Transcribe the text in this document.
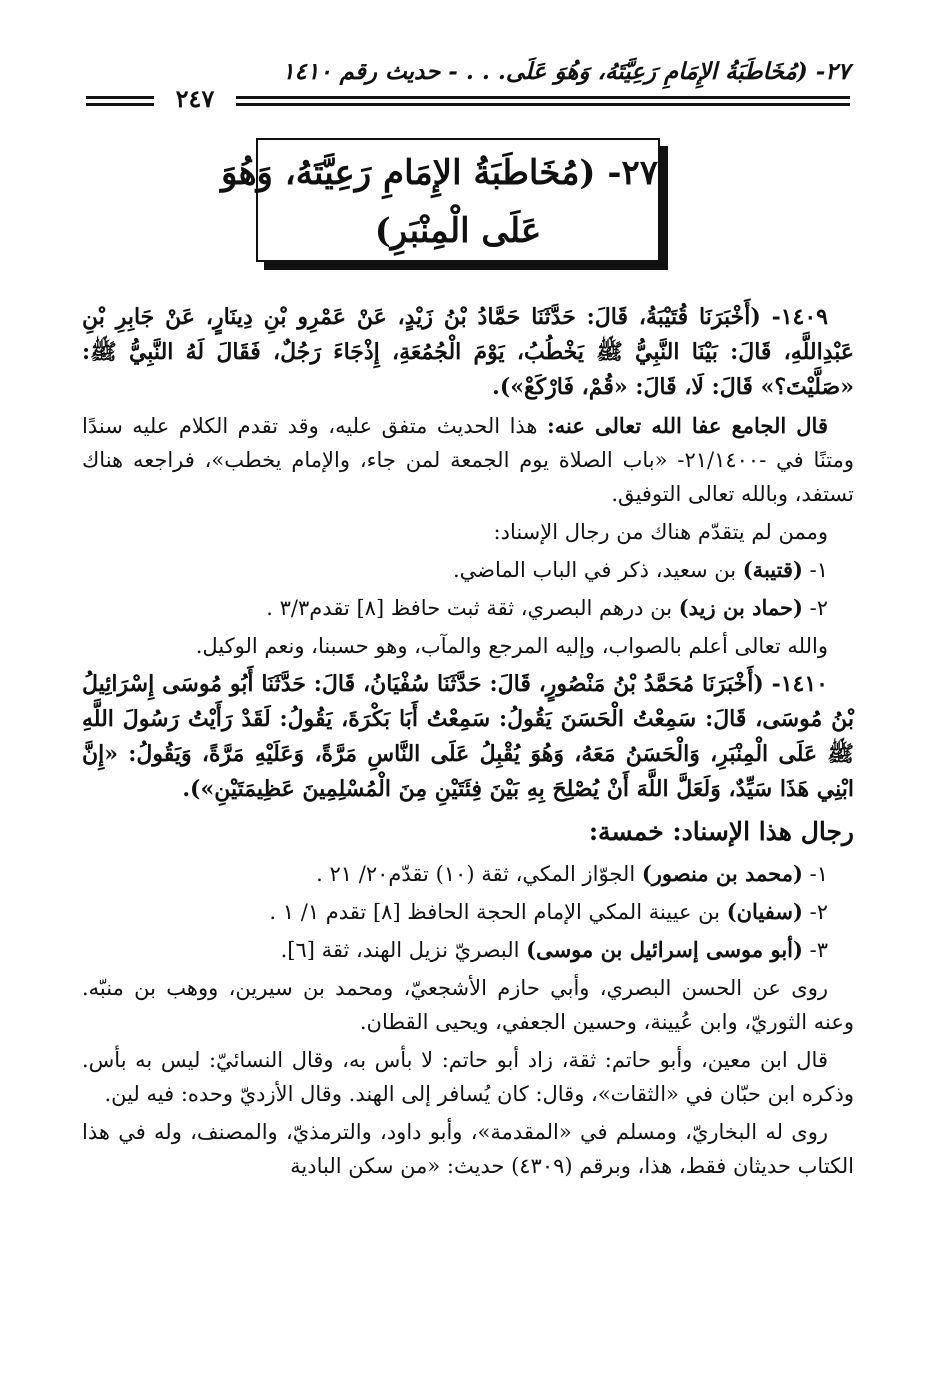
٢٧- (مُخَاطَبَةُ الإِمَامِ رَعِيَّتَهُ، وَهُوَ عَلَى. . . - حديث رقم ١٤١٠
٢٤٧
٢٧- (مُخَاطَبَةُ الإِمَامِ رَعِيَّتَهُ، وَهُوَ
عَلَى الْمِنْبَرِ)

١٤٠٩- (أَخْبَرَنَا قُتَيْبَةُ، قَالَ: حَدَّثَنَا حَمَّادُ بْنُ زَيْدٍ، عَنْ عَمْرِو بْنِ دِينَارٍ، عَنْ جَابِرِ بْنِ عَبْدِاللَّهِ، قَالَ: بَيْنَا النَّبِيُّ ﷺ يَخْطُبُ، يَوْمَ الْجُمُعَةِ، إِذْجَاءَ رَجُلٌ، فَقَالَ لَهُ النَّبِيُّ ﷺ: «صَلَّيْتَ؟» قَالَ: لَا، قَالَ: «قُمْ، فَارْكَعْ»).

قال الجامع عفا الله تعالى عنه: هذا الحديث متفق عليه، وقد تقدم الكلام عليه سندًا ومتنًا في -٢١/١٤٠٠- «باب الصلاة يوم الجمعة لمن جاء، والإمام يخطب»، فراجعه هناك تستفد، وبالله تعالى التوفيق.

وممن لم يتقدّم هناك من رجال الإسناد:

١- (قتيبة) بن سعيد، ذكر في الباب الماضي.

٢- (حماد بن زيد) بن درهم البصري، ثقة ثبت حافظ [٨] تقدم٣/٣ .

والله تعالى أعلم بالصواب، وإليه المرجع والمآب، وهو حسبنا، ونعم الوكيل.

١٤١٠- (أَخْبَرَنَا مُحَمَّدُ بْنُ مَنْصُورٍ، قَالَ: حَدَّثَنَا سُفْيَانُ، قَالَ: حَدَّثَنَا أَبُو مُوسَى إِسْرَائِيلُ بْنُ مُوسَى، قَالَ: سَمِعْتُ الْحَسَنَ يَقُولُ: سَمِعْتُ أَبَا بَكْرَةَ، يَقُولُ: لَقَدْ رَأَيْتُ رَسُولَ اللَّهِ ﷺ عَلَى الْمِنْبَرِ، وَالْحَسَنُ مَعَهُ، وَهُوَ يُقْبِلُ عَلَى النَّاسِ مَرَّةً، وَعَلَيْهِ مَرَّةً، وَيَقُولُ: «إِنَّ ابْنِي هَذَا سَيِّدٌ، وَلَعَلَّ اللَّهَ أَنْ يُصْلِحَ بِهِ بَيْنَ فِئَتَيْنِ مِنَ الْمُسْلِمِينَ عَظِيمَتَيْنِ»).

رجال هذا الإسناد: خمسة:

١- (محمد بن منصور) الجوّاز المكي، ثقة (١٠) تقدّم٢٠/ ٢١ .

٢- (سفيان) بن عيينة المكي الإمام الحجة الحافظ [٨] تقدم ١/ ١ .

٣- (أبو موسى إسرائيل بن موسى) البصريّ نزيل الهند، ثقة [٦].

روى عن الحسن البصري، وأبي حازم الأشجعيّ، ومحمد بن سيرين، ووهب بن منبّه. وعنه الثوريّ، وابن عُيينة، وحسين الجعفي، ويحيى القطان.

قال ابن معين، وأبو حاتم: ثقة، زاد أبو حاتم: لا بأس به، وقال النسائيّ: ليس به بأس. وذكره ابن حبّان في «الثقات»، وقال: كان يُسافر إلى الهند. وقال الأزديّ وحده: فيه لين.

روى له البخاريّ، ومسلم في «المقدمة»، وأبو داود، والترمذيّ، والمصنف، وله في هذا الكتاب حديثان فقط، هذا، وبرقم (٤٣٠٩) حديث: «من سكن البادية
